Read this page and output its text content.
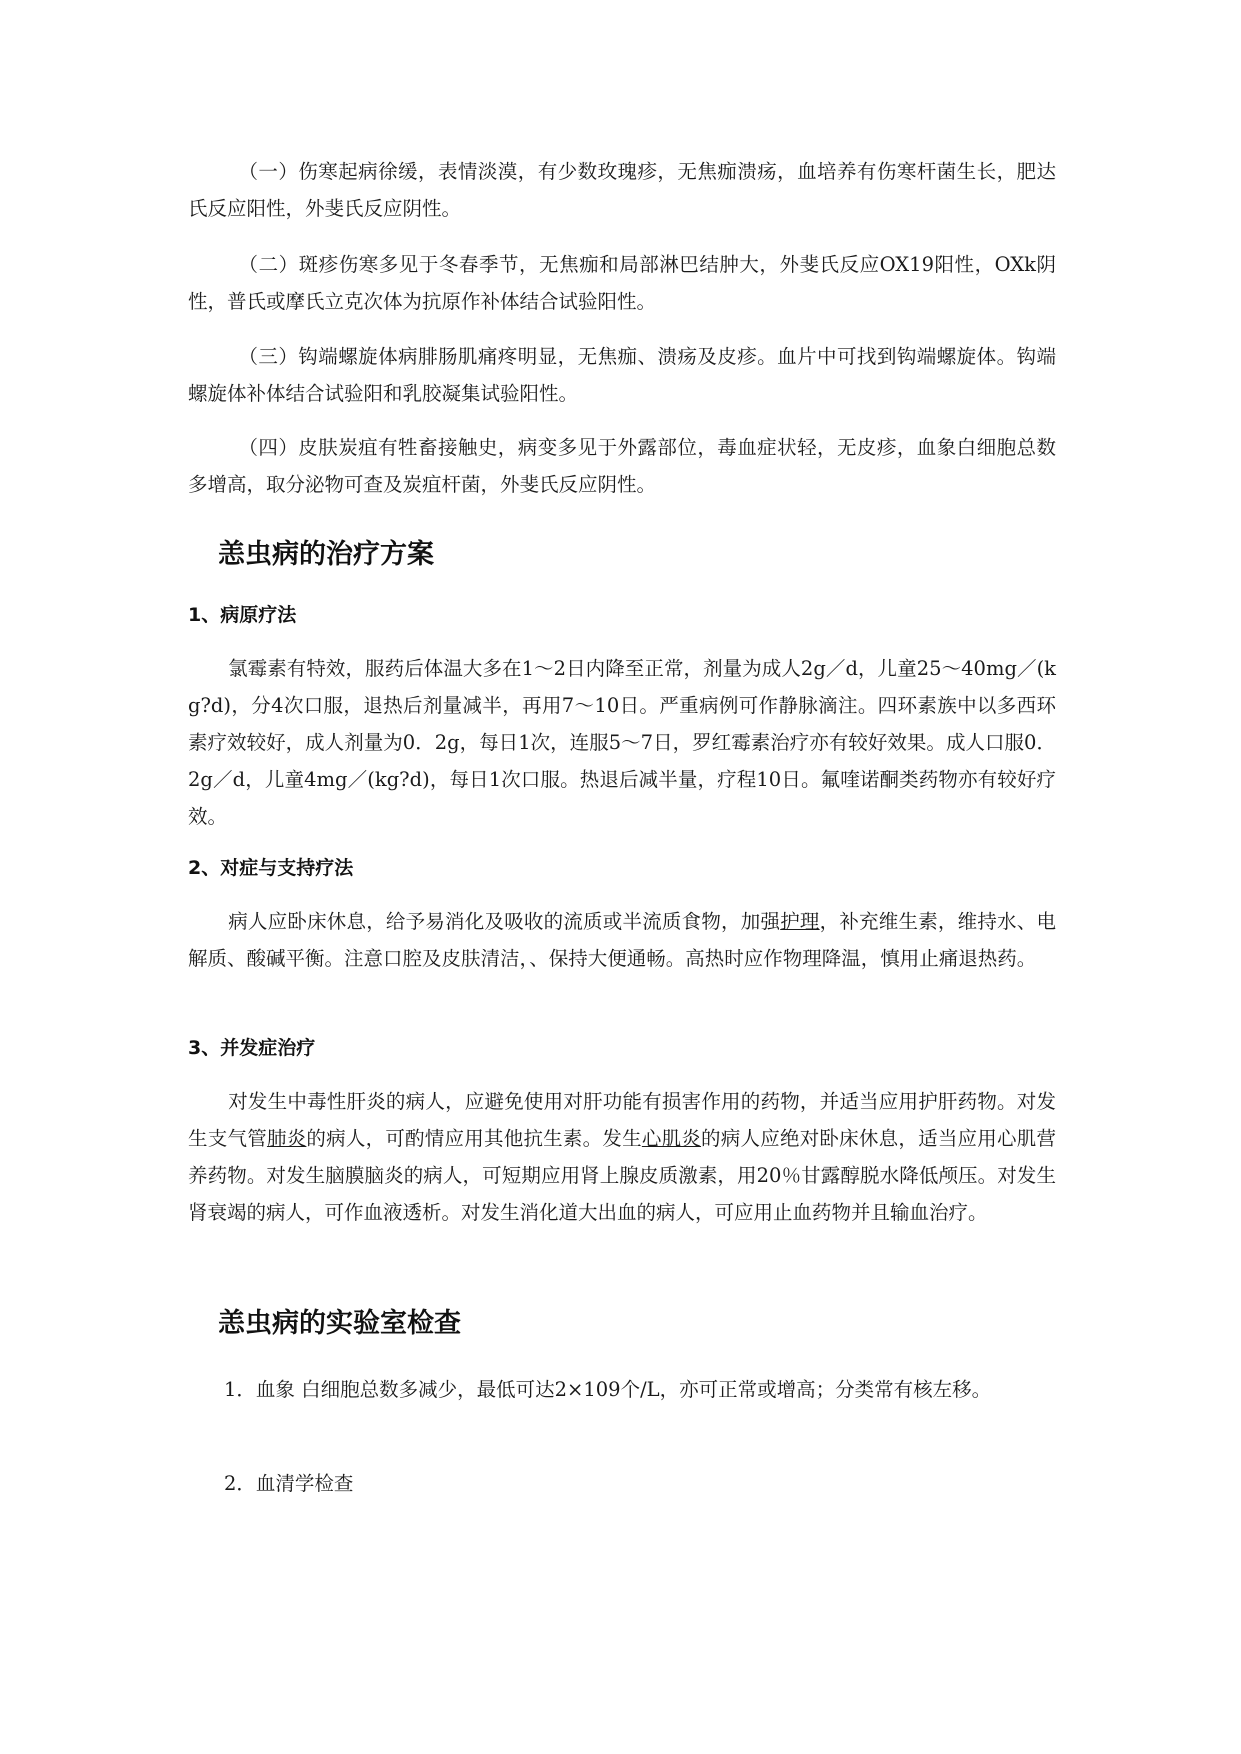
（一）伤寒起病徐缓，表情淡漠，有少数玫瑰疹，无焦痂溃疡，血培养有伤寒杆菌生长，肥达氏反应阳性，外斐氏反应阴性。

（二）斑疹伤寒多见于冬春季节，无焦痂和局部淋巴结肿大，外斐氏反应OX19阳性，OXk阴性，普氏或摩氏立克次体为抗原作补体结合试验阳性。

（三）钩端螺旋体病腓肠肌痛疼明显，无焦痂、溃疡及皮疹。血片中可找到钩端螺旋体。钩端螺旋体补体结合试验阳和乳胶凝集试验阳性。

（四）皮肤炭疽有牲畜接触史，病变多见于外露部位，毒血症状轻，无皮疹，血象白细胞总数多增高，取分泌物可查及炭疽杆菌，外斐氏反应阴性。

恙虫病的治疗方案
1、病原疗法

氯霉素有特效，服药后体温大多在1～2日内降至正常，剂量为成人2g／d，儿童25～40mg／(kg?d)，分4次口服，退热后剂量减半，再用7～10日。严重病例可作静脉滴注。四环素族中以多西环素疗效较好，成人剂量为0．2g，每日1次，连服5～7日，罗红霉素治疗亦有较好效果。成人口服0．2g／d，儿童4mg／(kg?d)，每日1次口服。热退后减半量，疗程10日。氟喹诺酮类药物亦有较好疗效。

2、对症与支持疗法

病人应卧床休息，给予易消化及吸收的流质或半流质食物，加强护理，补充维生素，维持水、电解质、酸碱平衡。注意口腔及皮肤清洁，、保持大便通畅。高热时应作物理降温，慎用止痛退热药。

3、并发症治疗

对发生中毒性肝炎的病人，应避免使用对肝功能有损害作用的药物，并适当应用护肝药物。对发生支气管肺炎的病人，可酌情应用其他抗生素。发生心肌炎的病人应绝对卧床休息，适当应用心肌营养药物。对发生脑膜脑炎的病人，可短期应用肾上腺皮质激素，用20％甘露醇脱水降低颅压。对发生肾衰竭的病人，可作血液透析。对发生消化道大出血的病人，可应用止血药物并且输血治疗。

恙虫病的实验室检查

1．血象 白细胞总数多减少，最低可达2×109个/L，亦可正常或增高；分类常有核左移。

2．血清学检查
